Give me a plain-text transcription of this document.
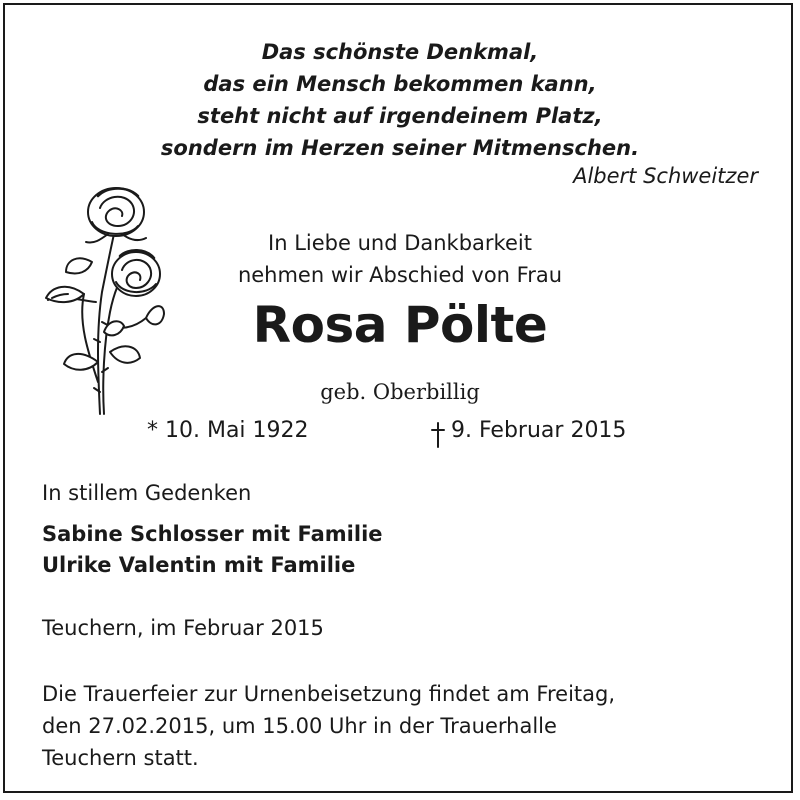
Das schönste Denkmal,
das ein Mensch bekommen kann,
steht nicht auf irgendeinem Platz,
sondern im Herzen seiner Mitmenschen.
Albert Schweitzer
In Liebe und Dankbarkeit
nehmen wir Abschied von Frau
Rosa Pölte
geb. Oberbillig
* 10. Mai 1922	9. Februar 2015
In stillem Gedenken
Sabine Schlosser mit Familie
Ulrike Valentin mit Familie
Teuchern, im Februar 2015
Die Trauerfeier zur Urnenbeisetzung findet am Freitag,
den 27.02.2015, um 15.00 Uhr in der Trauerhalle
Teuchern statt.
